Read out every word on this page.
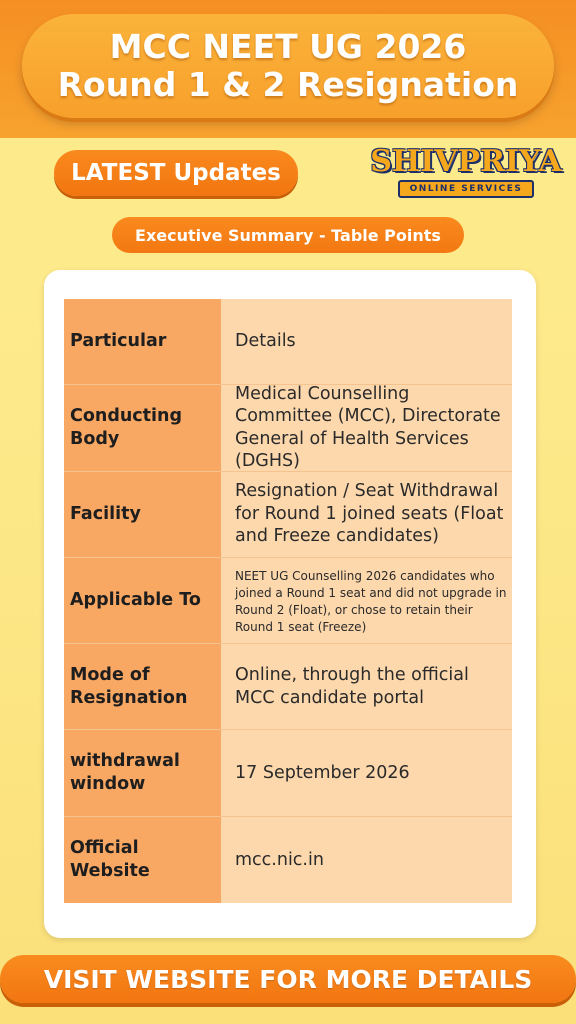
MCC NEET UG 2026
Round 1 & 2 Resignation
LATEST Updates	SHIVPRIYA
ONLINE SERVICES
Executive Summary - Table Points
Particular	Details
Conducting Body
Medical Counselling Committee (MCC), Directorate General of Health Services (DGHS)
Facility
Resignation / Seat Withdrawal for Round 1 joined seats (Float and Freeze candidates)
Applicable To
NEET UG Counselling 2026 candidates who joined a Round 1 seat and did not upgrade in Round 2 (Float), or chose to retain their Round 1 seat (Freeze)
Mode of Resignation
Online, through the official MCC candidate portal
withdrawal window
17 September 2026
Official Website
mcc.nic.in
VISIT WEBSITE FOR MORE DETAILS
